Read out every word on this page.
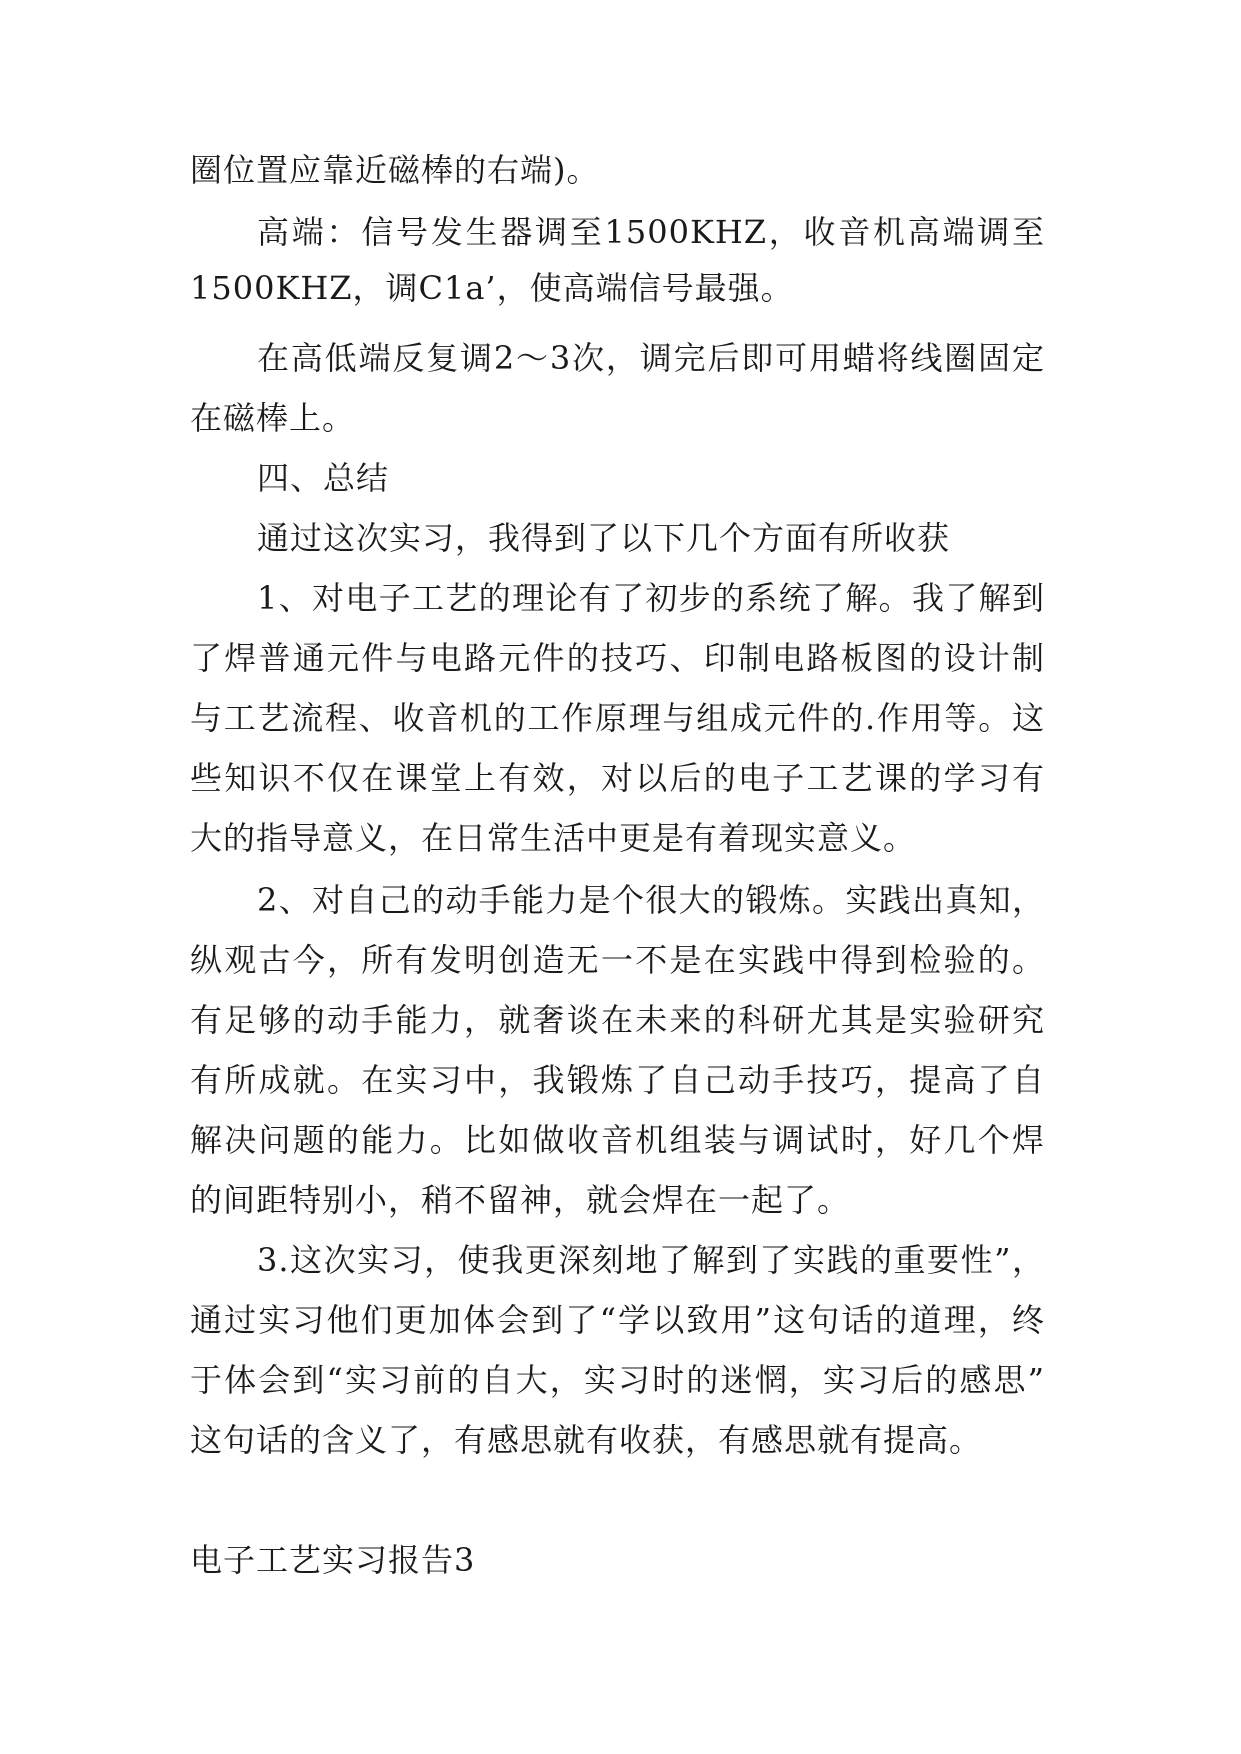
圈位置应靠近磁棒的右端)。

高端：信号发生器调至1500KHZ，收音机高端调至

1500KHZ，调C1a’，使高端信号最强。

在高低端反复调2～3次，调完后即可用蜡将线圈固定

在磁棒上。

四、总结

通过这次实习，我得到了以下几个方面有所收获

1、对电子工艺的理论有了初步的系统了解。我了解到

了焊普通元件与电路元件的技巧、印制电路板图的设计制

与工艺流程、收音机的工作原理与组成元件的.作用等。这

些知识不仅在课堂上有效，对以后的电子工艺课的学习有

大的指导意义，在日常生活中更是有着现实意义。

2、对自己的动手能力是个很大的锻炼。实践出真知，

纵观古今，所有发明创造无一不是在实践中得到检验的。

有足够的动手能力，就奢谈在未来的科研尤其是实验研究

有所成就。在实习中，我锻炼了自己动手技巧，提高了自

解决问题的能力。比如做收音机组装与调试时，好几个焊

的间距特别小，稍不留神，就会焊在一起了。

3.这次实习，使我更深刻地了解到了实践的重要性”，

通过实习他们更加体会到了“学以致用”这句话的道理，终

于体会到“实习前的自大，实习时的迷惘，实习后的感思”

这句话的含义了，有感思就有收获，有感思就有提高。

电子工艺实习报告3
